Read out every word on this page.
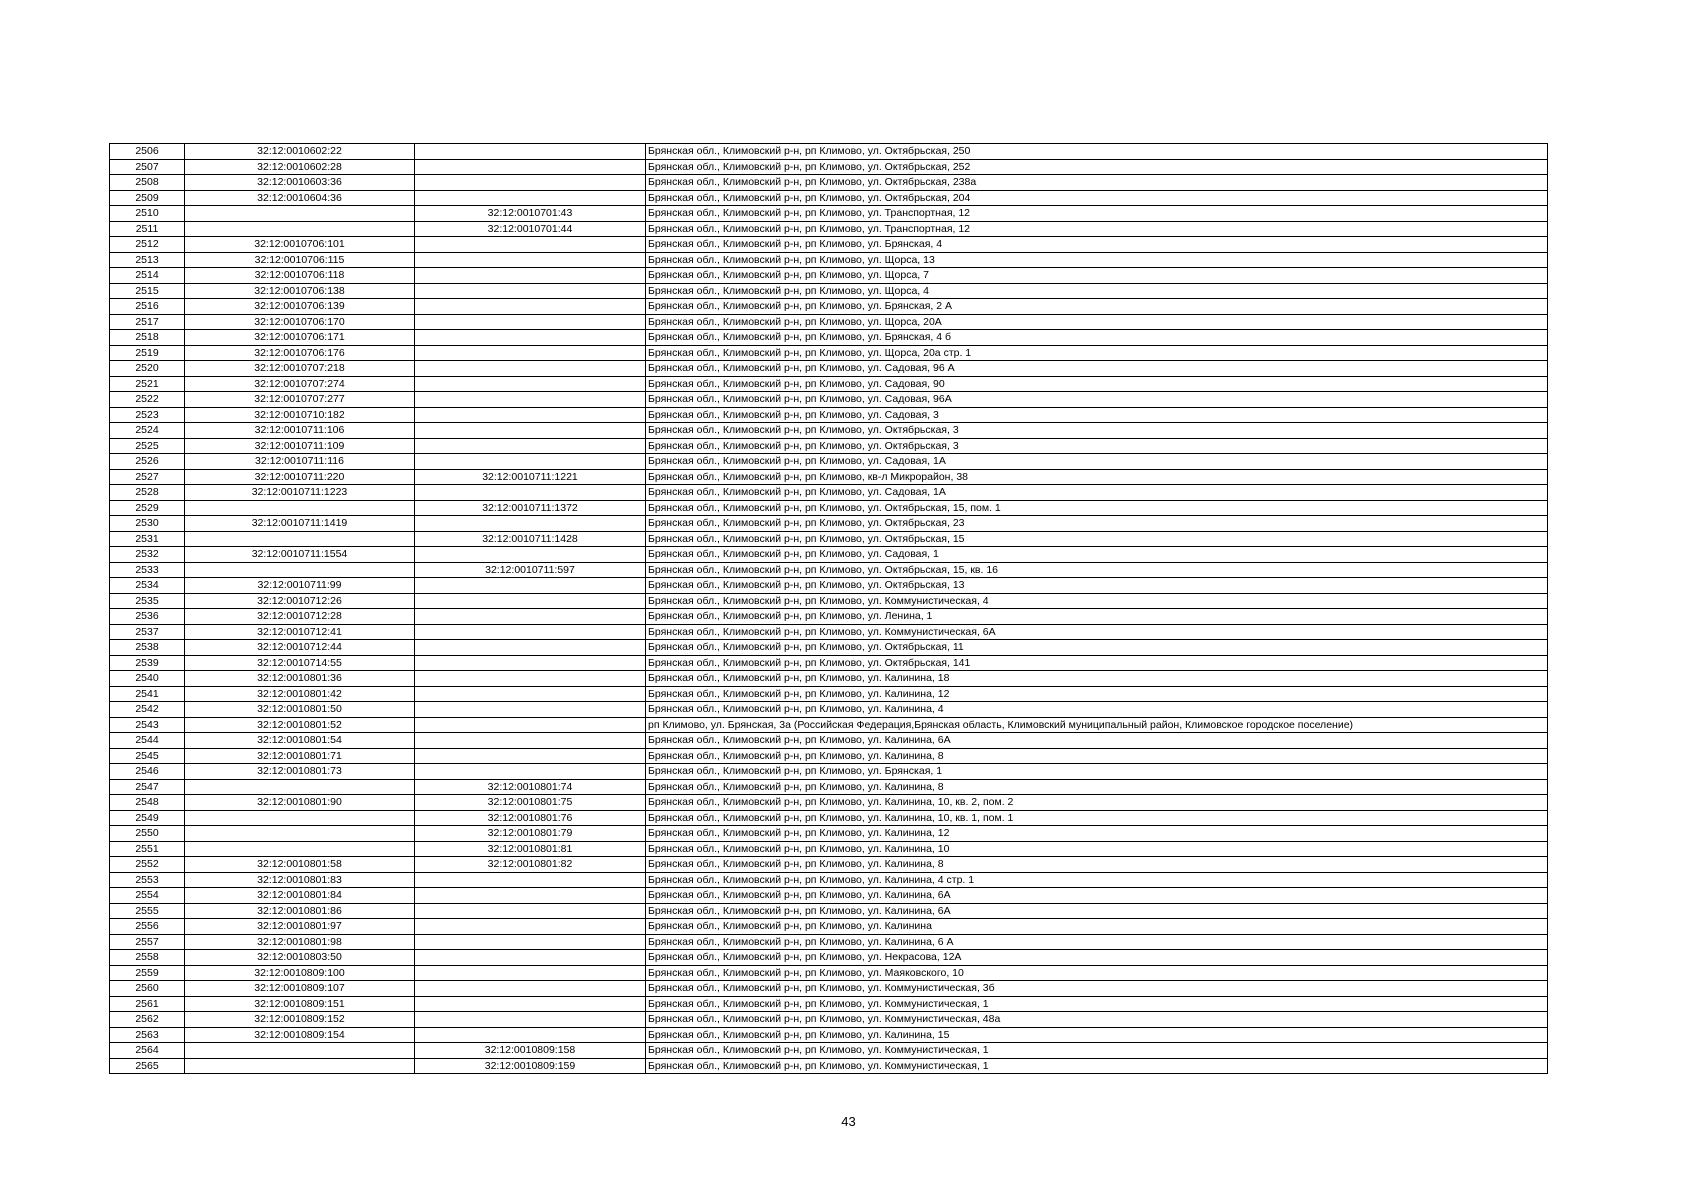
2506	32:12:0010602:22		Брянская обл., Климовский р-н, рп Климово, ул. Октябрьская, 250
2507	32:12:0010602:28		Брянская обл., Климовский р-н, рп Климово, ул. Октябрьская, 252
2508	32:12:0010603:36		Брянская обл., Климовский р-н, рп Климово, ул. Октябрьская, 238а
2509	32:12:0010604:36		Брянская обл., Климовский р-н, рп Климово, ул. Октябрьская, 204
2510		32:12:0010701:43	Брянская обл., Климовский р-н, рп Климово, ул. Транспортная, 12
2511		32:12:0010701:44	Брянская обл., Климовский р-н, рп Климово, ул. Транспортная, 12
2512	32:12:0010706:101		Брянская обл., Климовский р-н, рп Климово, ул. Брянская, 4
2513	32:12:0010706:115		Брянская обл., Климовский р-н, рп Климово, ул. Щорса, 13
2514	32:12:0010706:118		Брянская обл., Климовский р-н, рп Климово, ул. Щорса, 7
2515	32:12:0010706:138		Брянская обл., Климовский р-н, рп Климово, ул. Щорса, 4
2516	32:12:0010706:139		Брянская обл., Климовский р-н, рп Климово, ул. Брянская, 2 А
2517	32:12:0010706:170		Брянская обл., Климовский р-н, рп Климово, ул. Щорса, 20А
2518	32:12:0010706:171		Брянская обл., Климовский р-н, рп Климово, ул. Брянская, 4 б
2519	32:12:0010706:176		Брянская обл., Климовский р-н, рп Климово, ул. Щорса, 20а стр. 1
2520	32:12:0010707:218		Брянская обл., Климовский р-н, рп Климово, ул. Садовая, 96 А
2521	32:12:0010707:274		Брянская обл., Климовский р-н, рп Климово, ул. Садовая, 90
2522	32:12:0010707:277		Брянская обл., Климовский р-н, рп Климово, ул. Садовая, 96А
2523	32:12:0010710:182		Брянская обл., Климовский р-н, рп Климово, ул. Садовая, 3
2524	32:12:0010711:106		Брянская обл., Климовский р-н, рп Климово, ул. Октябрьская, 3
2525	32:12:0010711:109		Брянская обл., Климовский р-н, рп Климово, ул. Октябрьская, 3
2526	32:12:0010711:116		Брянская обл., Климовский р-н, рп Климово, ул. Садовая, 1А
2527	32:12:0010711:220	32:12:0010711:1221	Брянская обл., Климовский р-н, рп Климово, кв-л Микрорайон, 38
2528	32:12:0010711:1223		Брянская обл., Климовский р-н, рп Климово, ул. Садовая, 1А
2529		32:12:0010711:1372	Брянская обл., Климовский р-н, рп Климово, ул. Октябрьская, 15, пом. 1
2530	32:12:0010711:1419		Брянская обл., Климовский р-н, рп Климово, ул. Октябрьская, 23
2531		32:12:0010711:1428	Брянская обл., Климовский р-н, рп Климово, ул. Октябрьская, 15
2532	32:12:0010711:1554		Брянская обл., Климовский р-н, рп Климово, ул. Садовая, 1
2533		32:12:0010711:597	Брянская обл., Климовский р-н, рп Климово, ул. Октябрьская, 15, кв. 16
2534	32:12:0010711:99		Брянская обл., Климовский р-н, рп Климово, ул. Октябрьская, 13
2535	32:12:0010712:26		Брянская обл., Климовский р-н, рп Климово, ул. Коммунистическая, 4
2536	32:12:0010712:28		Брянская обл., Климовский р-н, рп Климово, ул. Ленина, 1
2537	32:12:0010712:41		Брянская обл., Климовский р-н, рп Климово, ул. Коммунистическая, 6А
2538	32:12:0010712:44		Брянская обл., Климовский р-н, рп Климово, ул. Октябрьская, 11
2539	32:12:0010714:55		Брянская обл., Климовский р-н, рп Климово, ул. Октябрьская, 141
2540	32:12:0010801:36		Брянская обл., Климовский р-н, рп Климово, ул. Калинина, 18
2541	32:12:0010801:42		Брянская обл., Климовский р-н, рп Климово, ул. Калинина, 12
2542	32:12:0010801:50		Брянская обл., Климовский р-н, рп Климово, ул. Калинина, 4
2543	32:12:0010801:52		рп Климово, ул. Брянская, 3а (Российская Федерация,Брянская область, Климовский муниципальный район, Климовское городское поселение)
2544	32:12:0010801:54		Брянская обл., Климовский р-н, рп Климово, ул. Калинина, 6А
2545	32:12:0010801:71		Брянская обл., Климовский р-н, рп Климово, ул. Калинина, 8
2546	32:12:0010801:73		Брянская обл., Климовский р-н, рп Климово, ул. Брянская, 1
2547		32:12:0010801:74	Брянская обл., Климовский р-н, рп Климово, ул. Калинина, 8
2548	32:12:0010801:90	32:12:0010801:75	Брянская обл., Климовский р-н, рп Климово, ул. Калинина, 10, кв. 2, пом. 2
2549		32:12:0010801:76	Брянская обл., Климовский р-н, рп Климово, ул. Калинина, 10, кв. 1, пом. 1
2550		32:12:0010801:79	Брянская обл., Климовский р-н, рп Климово, ул. Калинина, 12
2551		32:12:0010801:81	Брянская обл., Климовский р-н, рп Климово, ул. Калинина, 10
2552	32:12:0010801:58	32:12:0010801:82	Брянская обл., Климовский р-н, рп Климово, ул. Калинина, 8
2553	32:12:0010801:83		Брянская обл., Климовский р-н, рп Климово, ул. Калинина, 4 стр. 1
2554	32:12:0010801:84		Брянская обл., Климовский р-н, рп Климово, ул. Калинина, 6А
2555	32:12:0010801:86		Брянская обл., Климовский р-н, рп Климово, ул. Калинина, 6А
2556	32:12:0010801:97		Брянская обл., Климовский р-н, рп Климово, ул. Калинина
2557	32:12:0010801:98		Брянская обл., Климовский р-н, рп Климово, ул. Калинина, 6 А
2558	32:12:0010803:50		Брянская обл., Климовский р-н, рп Климово, ул. Некрасова, 12А
2559	32:12:0010809:100		Брянская обл., Климовский р-н, рп Климово, ул. Маяковского, 10
2560	32:12:0010809:107		Брянская обл., Климовский р-н, рп Климово, ул. Коммунистическая, 3б
2561	32:12:0010809:151		Брянская обл., Климовский р-н, рп Климово, ул. Коммунистическая, 1
2562	32:12:0010809:152		Брянская обл., Климовский р-н, рп Климово, ул. Коммунистическая, 48а
2563	32:12:0010809:154		Брянская обл., Климовский р-н, рп Климово, ул. Калинина, 15
2564		32:12:0010809:158	Брянская обл., Климовский р-н, рп Климово, ул. Коммунистическая, 1
2565		32:12:0010809:159	Брянская обл., Климовский р-н, рп Климово, ул. Коммунистическая, 1
43
